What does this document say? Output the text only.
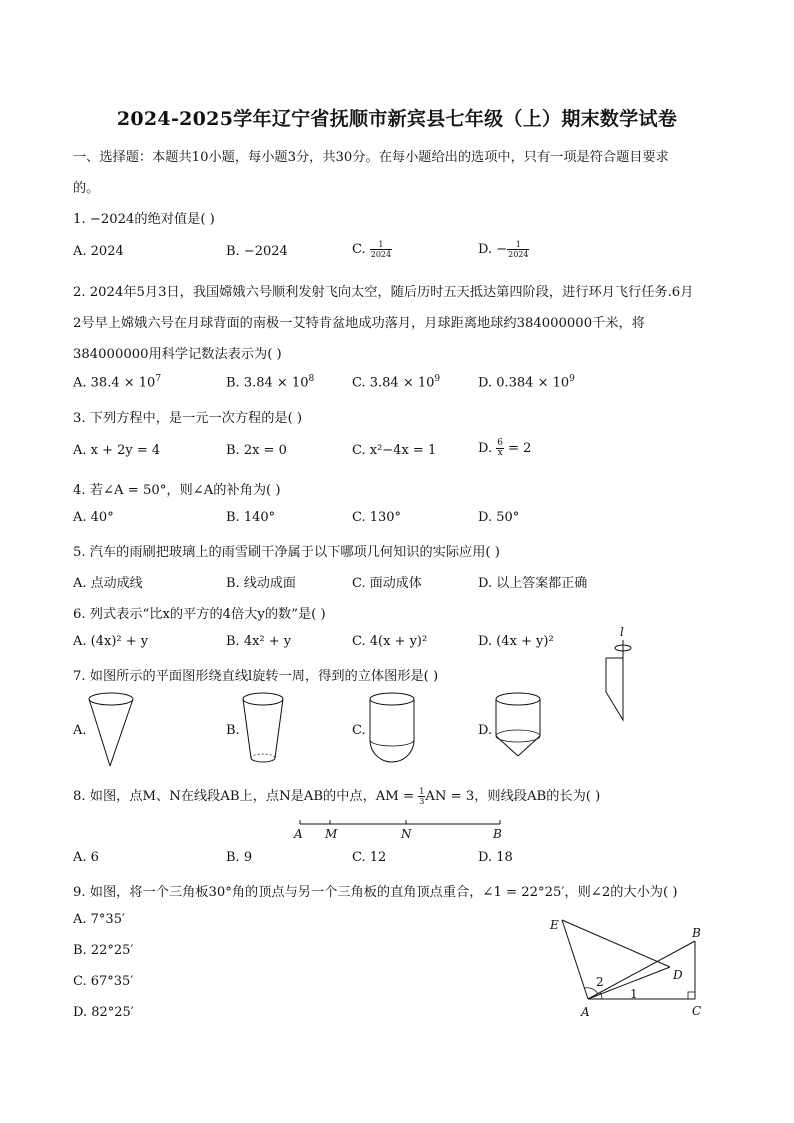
2024-2025学年辽宁省抚顺市新宾县七年级（上）期末数学试卷
一、选择题：本题共10小题，每小题3分，共30分。在每小题给出的选项中，只有一项是符合题目要求
的。
1. −2024的绝对值是( )
A. 2024	B. −2024	C. $\frac{1}{2024}$	D. − $\frac{1}{2024}$
2. 2024年5月3日，我国嫦娥六号顺利发射飞向太空，随后历时五天抵达第四阶段，进行环月飞行任务.6月
2号早上嫦娥六号在月球背面的南极一艾特肯盆地成功落月，月球距离地球约384000000千米，将
384000000用科学记数法表示为( )
A. $38.4 \times 10^7$	B. $3.84 \times 10^8$	C. $3.84 \times 10^9$	D. $0.384 \times 10^9$
3. 下列方程中，是一元一次方程的是( )
A. x + 2y = 4	B. 2x = 0	C. x²−4x = 1	D. $\frac{6}{x} = 2$
4. 若∠A = 50°，则∠A的补角为( )
A. 40°	B. 140°	C. 130°	D. 50°
5. 汽车的雨刷把玻璃上的雨雪刷干净属于以下哪项几何知识的实际应用( )
A. 点动成线	B. 线动成面	C. 面动成体	D. 以上答案都正确
6. 列式表示“比x的平方的4倍大y的数”是( )
A. (4x)² + y	B. 4x² + y	C. 4(x + y)²	D. (4x + y)²
l
7. 如图所示的平面图形绕直线l旋转一周，得到的立体图形是( )
A.	B.	C.	D.
8. 如图，点M、N在线段AB上，点N是AB的中点，AM = $\frac{1}{3}$ AN = 3，则线段AB的长为( )
A M	N	B
A. 6	B. 9	C. 12	D. 18
9. 如图，将一个三角板30°角的顶点与另一个三角板的直角顶点重合，∠1 = 22°25′，则∠2的大小为( )
A. 7°35′
B. 22°25′
C. 67°35′
D. 82°25′
E
B
D
A	C
1
2
